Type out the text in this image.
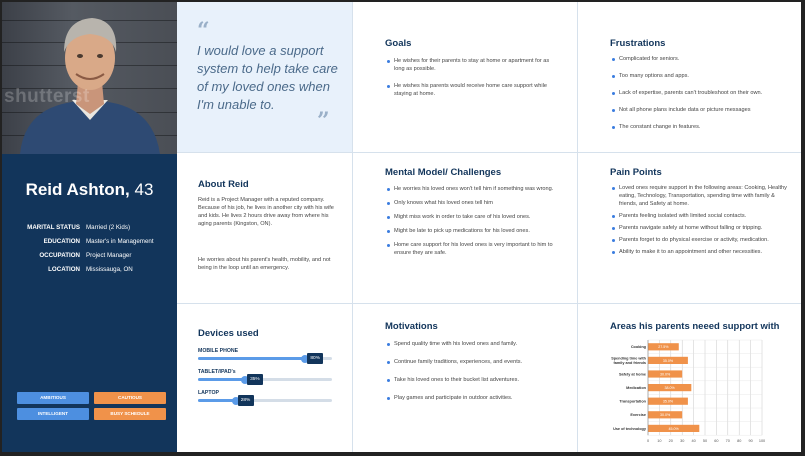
shutterst
Reid Ashton, 43
MARITAL STATUS Married (2 Kids)
EDUCATION Master's in Management
OCCUPATION Project Manager
LOCATION Mississauga, ON
AMBITIOUS	CAUTIOUS
INTELLIGENT	BUSY SCHEDULE
“
I would love a support system to help take care of my loved ones when I'm unable to.
”
Goals
He wishes for their parents to stay at home or apartment for as long as possible.
He wishes his parents would receive home care support while staying at home.
Frustrations
Complicated for seniors.
Too many options and apps.
Lack of expertise, parents can't troubleshoot on their own.
Not all phone plans include data or picture messages
The constant change in features.
About Reid
Reid is a Project Manager with a reputed company. Because of his job, he lives in another city with his wife and kids. He lives 2 hours drive away from where his aging parents (Kingston, ON).
He worries about his parent's health, mobility, and not being in the loop until an emergency.
Mental Model/ Challenges
He worries his loved ones won't tell him if something was wrong.
Only knows what his loved ones tell him
Might miss work in order to take care of his loved ones.
Might be late to pick up medications for his loved ones.
Home care support for his loved ones is very important to him to ensure they are safe.
Pain Points
Loved ones require support in the following areas: Cooking, Healthy eating, Technology, Transportation, spending time with family & friends, and Safety at home.
Parents feeling isolated with limited social contacts.
Parents navigate safely at home without falling or tripping.
Parents forget to do physical exercise or activity, medication.
Ability to make it to an appointment and other necessities.
Devices used
MOBILE PHONE
80%
TABLET/IPAD's
35%
LAPTOP
28%
Motivations
Spend quality time with his loved ones and family.
Continue family traditions, experiences, and events.
Take his loved ones to their bucket list adventures.
Play games and participate in outdoor activities.
Areas his parents neeed support with
0 10 20 30 40 50 60 70 80 90 100
Cooking	27.5%
Spending time with
family and friends
35.0%
Safety at home	30.0%
Medication	38.0%
Transportation	35.0%
Exercise	30.0%
Use of technology	45.0%
